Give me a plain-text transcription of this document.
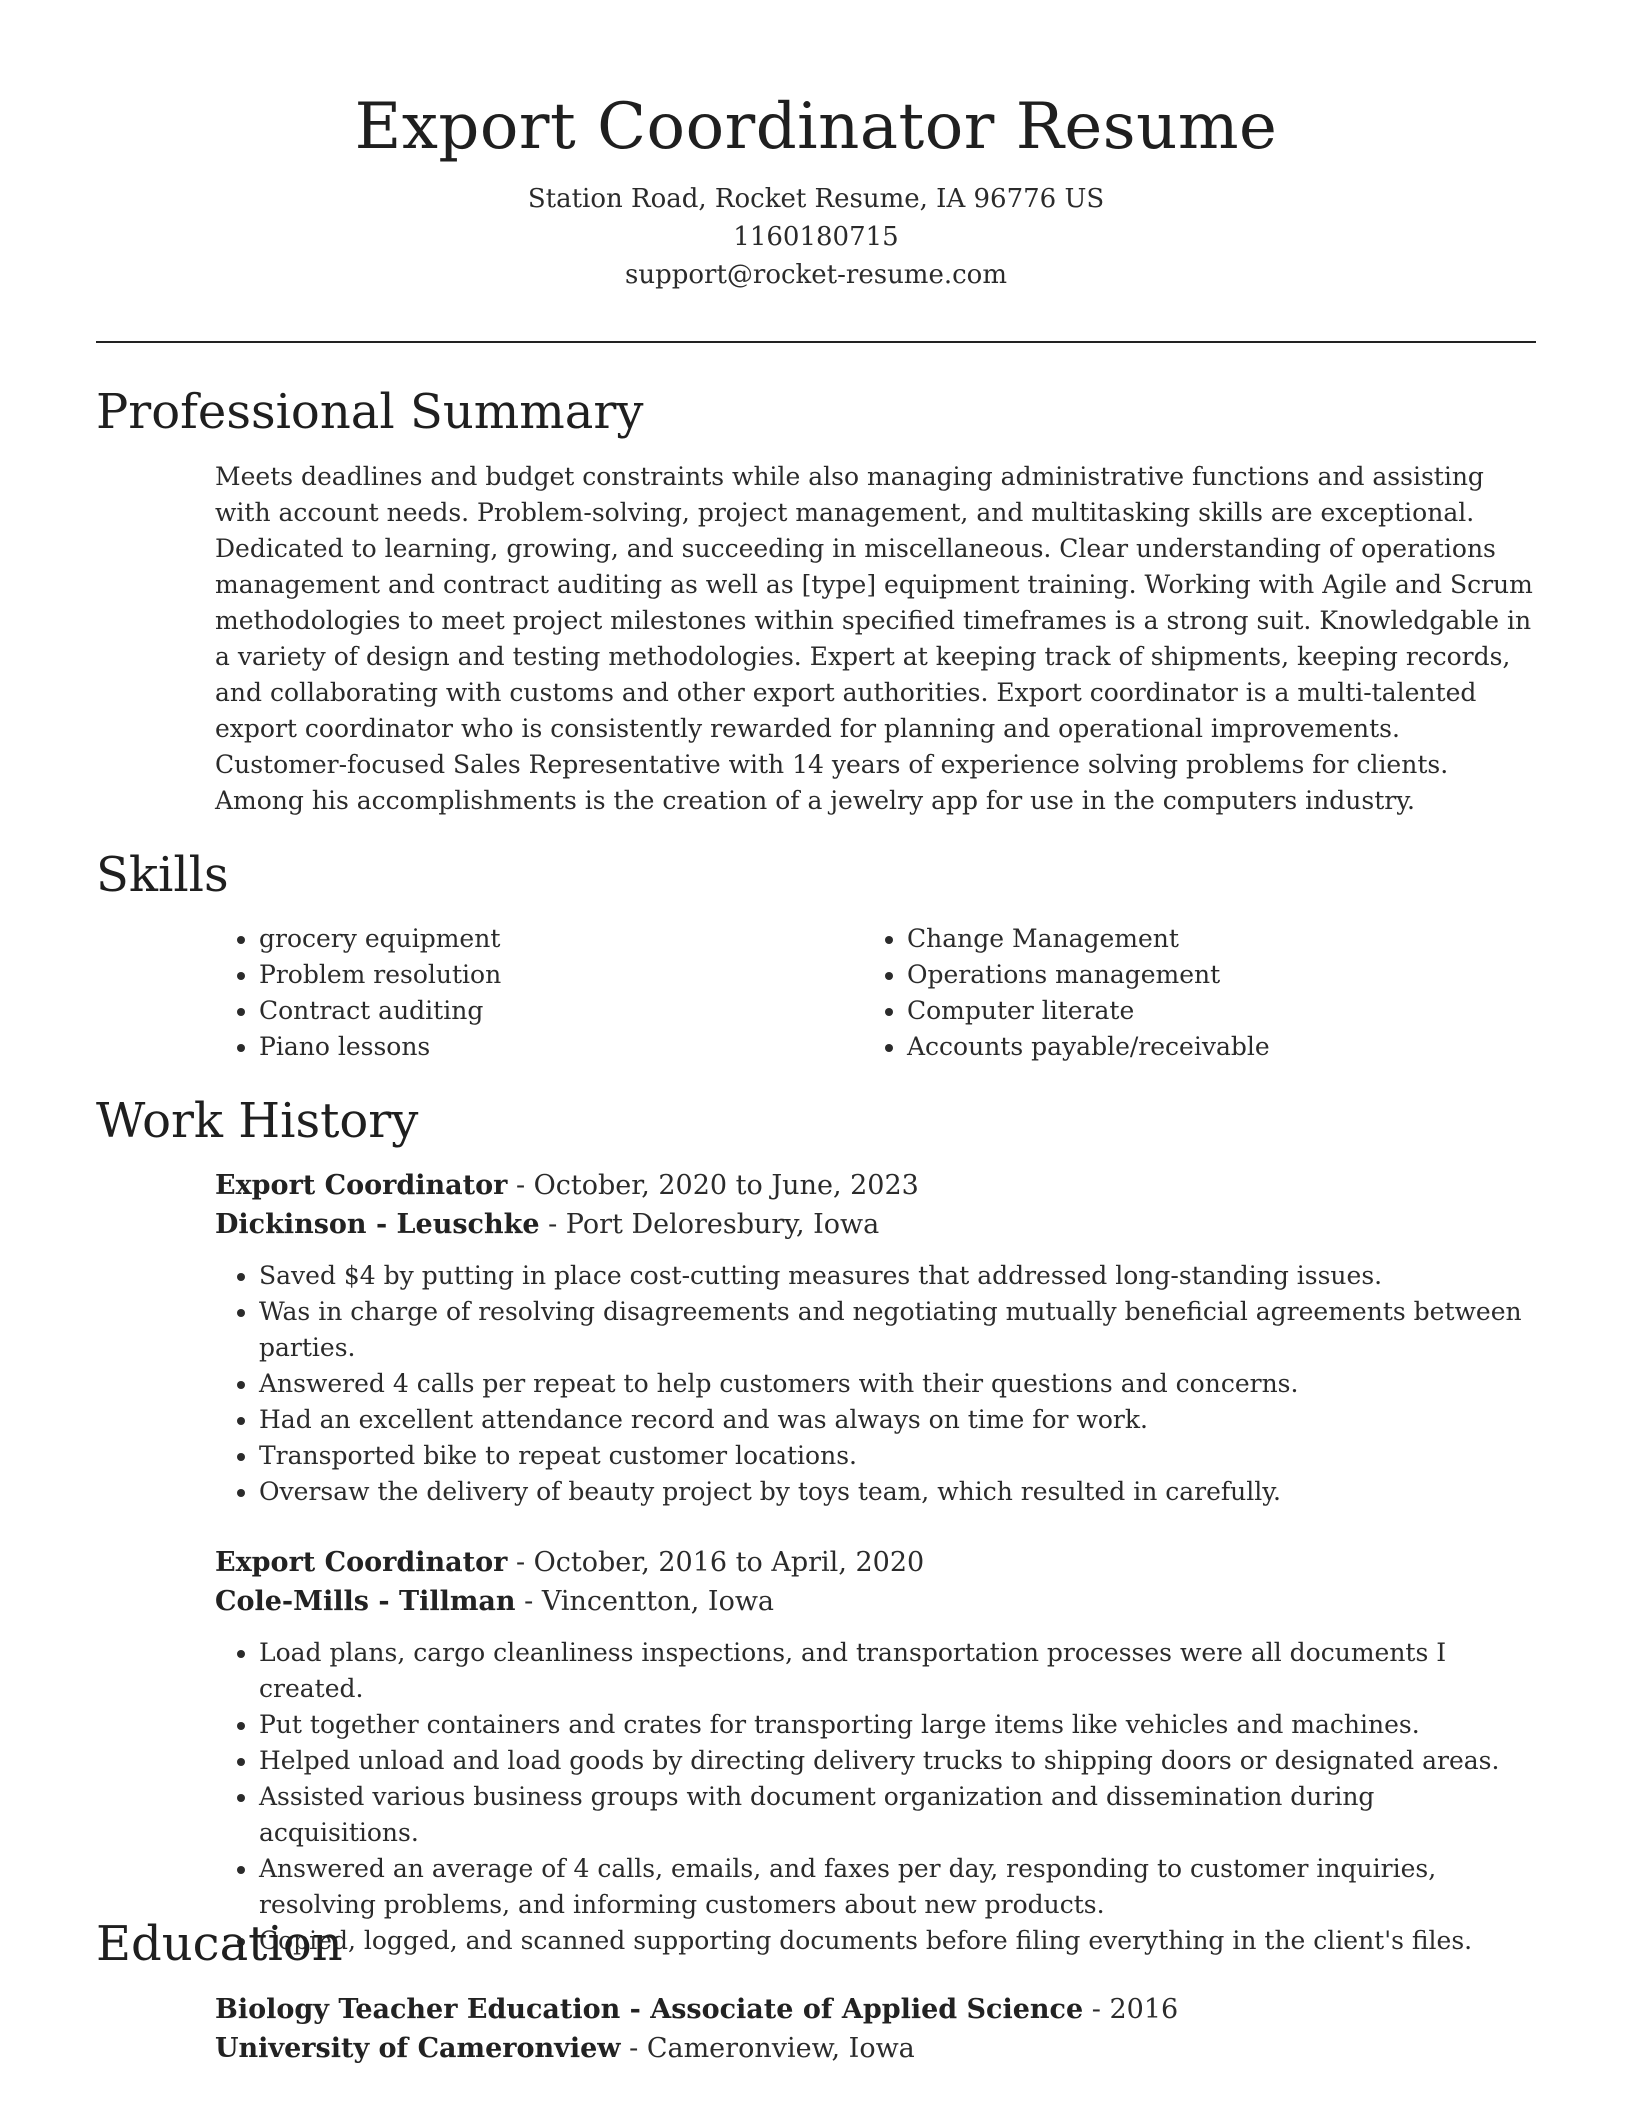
Export Coordinator Resume
Station Road, Rocket Resume, IA 96776 US
1160180715
support@rocket-resume.com
Professional Summary

Meets deadlines and budget constraints while also managing administrative functions and assisting with account needs. Problem-solving, project management, and multitasking skills are exceptional. Dedicated to learning, growing, and succeeding in miscellaneous. Clear understanding of operations management and contract auditing as well as [type] equipment training. Working with Agile and Scrum methodologies to meet project milestones within specified timeframes is a strong suit. Knowledgable in a variety of design and testing methodologies. Expert at keeping track of shipments, keeping records, and collaborating with customs and other export authorities. Export coordinator is a multi-talented export coordinator who is consistently rewarded for planning and operational improvements. Customer-focused Sales Representative with 14 years of experience solving problems for clients. Among his accomplishments is the creation of a jewelry app for use in the computers industry.

Skills
• grocery equipment
• Problem resolution
• Contract auditing
• Piano lessons
• Change Management
• Operations management
• Computer literate
• Accounts payable/receivable
Work History
Export Coordinator - October, 2020 to June, 2023
Dickinson - Leuschke - Port Deloresbury, Iowa
• Saved $4 by putting in place cost-cutting measures that addressed long-standing issues.
• Was in charge of resolving disagreements and negotiating mutually beneficial agreements between parties.
• Answered 4 calls per repeat to help customers with their questions and concerns.
• Had an excellent attendance record and was always on time for work.
• Transported bike to repeat customer locations.
• Oversaw the delivery of beauty project by toys team, which resulted in carefully.
Export Coordinator - October, 2016 to April, 2020
Cole-Mills - Tillman - Vincentton, Iowa
• Load plans, cargo cleanliness inspections, and transportation processes were all documents I created.
• Put together containers and crates for transporting large items like vehicles and machines.
• Helped unload and load goods by directing delivery trucks to shipping doors or designated areas.
• Assisted various business groups with document organization and dissemination during acquisitions.
• Answered an average of 4 calls, emails, and faxes per day, responding to customer inquiries, resolving problems, and informing customers about new products.
• Copied, logged, and scanned supporting documents before filing everything in the client's files.
Education
Biology Teacher Education - Associate of Applied Science - 2016
University of Cameronview - Cameronview, Iowa
